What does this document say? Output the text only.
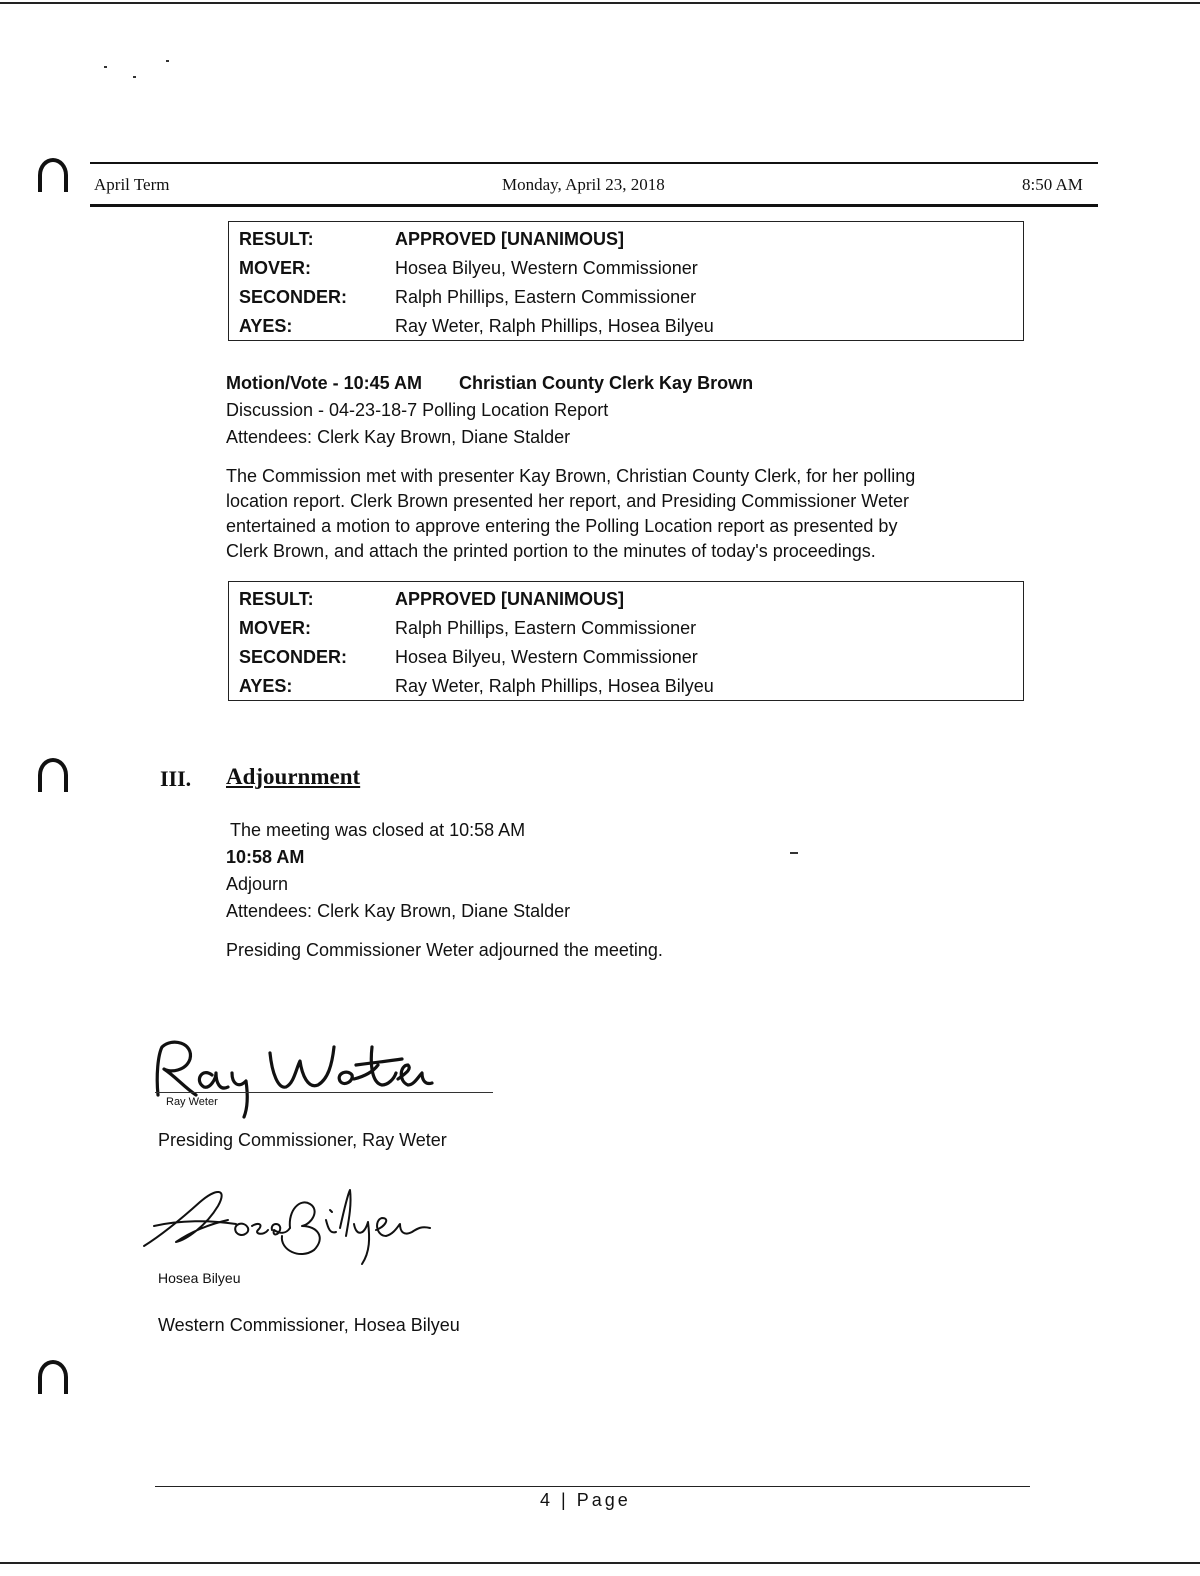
April Term	Monday, April 23, 2018	8:50 AM
RESULT:	APPROVED [UNANIMOUS]
MOVER:	Hosea Bilyeu, Western Commissioner
SECONDER:	Ralph Phillips, Eastern Commissioner
AYES:	Ray Weter, Ralph Phillips, Hosea Bilyeu
Motion/Vote - 10:45 AM Christian County Clerk Kay Brown
Discussion - 04-23-18-7 Polling Location Report
Attendees: Clerk Kay Brown, Diane Stalder
The Commission met with presenter Kay Brown, Christian County Clerk, for her polling
location report. Clerk Brown presented her report, and Presiding Commissioner Weter
entertained a motion to approve entering the Polling Location report as presented by
Clerk Brown, and attach the printed portion to the minutes of today's proceedings.
RESULT:	APPROVED [UNANIMOUS]
MOVER:	Ralph Phillips, Eastern Commissioner
SECONDER:	Hosea Bilyeu, Western Commissioner
AYES:	Ray Weter, Ralph Phillips, Hosea Bilyeu
III. Adjournment
The meeting was closed at 10:58 AM
10:58 AM
Adjourn
Attendees: Clerk Kay Brown, Diane Stalder
Presiding Commissioner Weter adjourned the meeting.
Ray Weter
Presiding Commissioner, Ray Weter
Hosea Bilyeu
Western Commissioner, Hosea Bilyeu
4 | Page
